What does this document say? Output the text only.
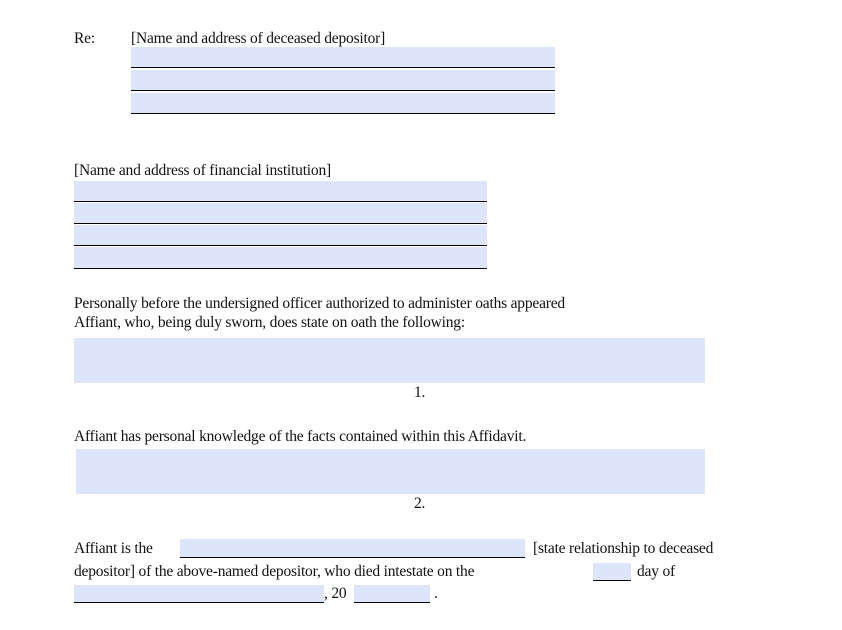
Re: [Name and address of deceased depositor]
[Name and address of financial institution]
Personally before the undersigned officer authorized to administer oaths appeared
Affiant, who, being duly sworn, does state on oath the following:
1.
Affiant has personal knowledge of the facts contained within this Affidavit.
2.
Affiant is the	[state relationship to deceased
depositor] of the above-named depositor, who died intestate on the	day of
, 20	.
